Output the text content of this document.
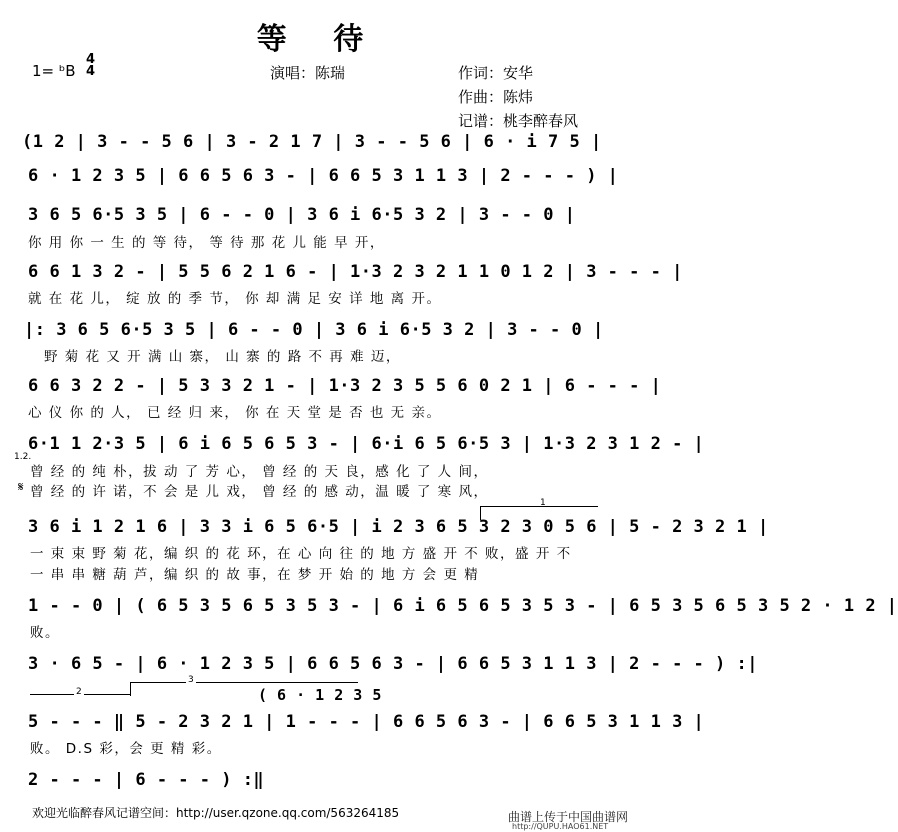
等 待
1= ᵇB
4
4	演唱：陈瑞	作词：安华
作曲：陈炜
记谱：桃李醉春风
(1 2 | 3 - - 5 6 | 3 - 2 1 7 | 3 - - 5 6 | 6 · i 7 5 |
6 · 1 2 3 5 | 6 6 5 6 3 - | 6 6 5 3 1 1 3 | 2 - - - ) |
3 6 5 6·5 3 5 | 6 - - 0 | 3 6 i 6·5 3 2 | 3 - - 0 |
你 用 你 一 生 的 等 待， 等 待 那 花 儿 能 早 开，
6 6 1 3 2 - | 5 5 6 2 1 6 - | 1·3 2 3 2 1 1 0 1 2 | 3 - - - |
就 在 花 儿， 绽 放 的 季 节， 你 却 满 足 安 详 地 离 开。
|: 3 6 5 6·5 3 5 | 6 - - 0 | 3 6 i 6·5 3 2 | 3 - - 0 |
野 菊 花 又 开 满 山 寨， 山 寨 的 路 不 再 难 迈，
6 6 3 2 2 - | 5 3 3 2 1 - | 1·3 2 3 5 5 6 0 2 1 | 6 - - - |
心 仪 你 的 人， 已 经 归 来， 你 在 天 堂 是 否 也 无 亲。
1.2.
6·1 1 2·3 5 | 6 i 6 5 6 5 3 - | 6·i 6 5 6·5 3 | 1·3 2 3 1 2 - |
曾 经 的 纯 朴，拔 动 了 芳 心， 曾 经 的 天 良，感 化 了 人 间，
𝄋 曾 经 的 许 诺，不 会 是 儿 戏， 曾 经 的 感 动，温 暖 了 寒 风，
3 6 i 1 2 1 6 | 3 3 i 6 5 6·5 | i 2 3 6 5 3 2 3 0 5 6 | 5 - 2 3 2 1 |
1
一 束 束 野 菊 花，编 织 的 花 环，在 心 向 往 的 地 方 盛 开 不 败，盛 开 不
一 串 串 糖 葫 芦，编 织 的 故 事，在 梦 开 始 的 地 方 会 更 精
1 - - 0 | ( 6 5 3 5 6 5 3 5 3 - | 6 i 6 5 6 5 3 5 3 - | 6 5 3 5 6 5 3 5 2 · 1 2 |
败。
3 · 6 5 - | 6 · 1 2 3 5 | 6 6 5 6 3 - | 6 6 5 3 1 1 3 | 2 - - - ) :|
2
3
( 6 · 1 2 3 5
5 - - - ‖ 5 - 2 3 2 1 | 1 - - - | 6 6 5 6 3 - | 6 6 5 3 1 1 3 |
败。 D.S 彩，会 更 精 彩。
2 - - - | 6 - - - ) :‖
欢迎光临醉春风记谱空间：http://user.qzone.qq.com/563264185	曲谱上传于中国曲谱网
http://QUPU.HAO61.NET
